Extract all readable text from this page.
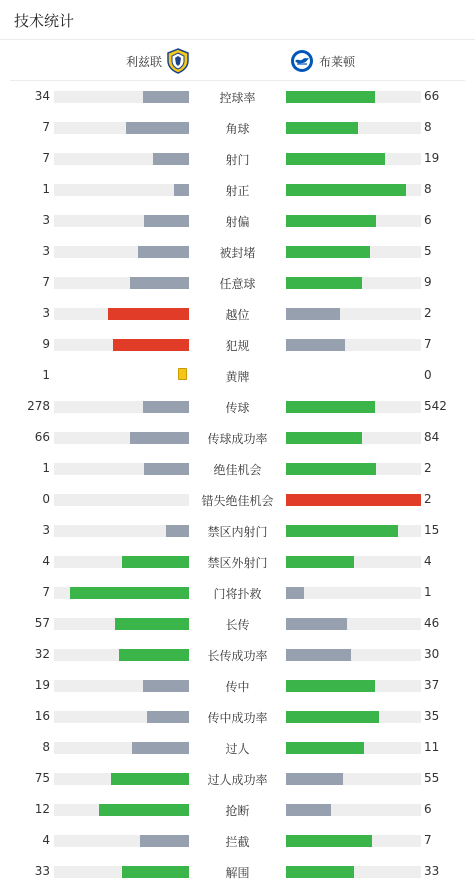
技术统计
利兹联	布莱顿
34	控球率	66
7	角球	8
7	射门	19
1	射正	8
3	射偏	6
3	被封堵	5
7	任意球	9
3	越位	2
9	犯规	7
1	黄牌	0
278	传球	542
66	传球成功率	84
1	绝佳机会	2
0	错失绝佳机会	2
3	禁区内射门	15
4	禁区外射门	4
7	门将扑救	1
57	长传	46
32	长传成功率	30
19	传中	37
16	传中成功率	35
8	过人	11
75	过人成功率	55
12	抢断	6
4	拦截	7
33	解围	33
